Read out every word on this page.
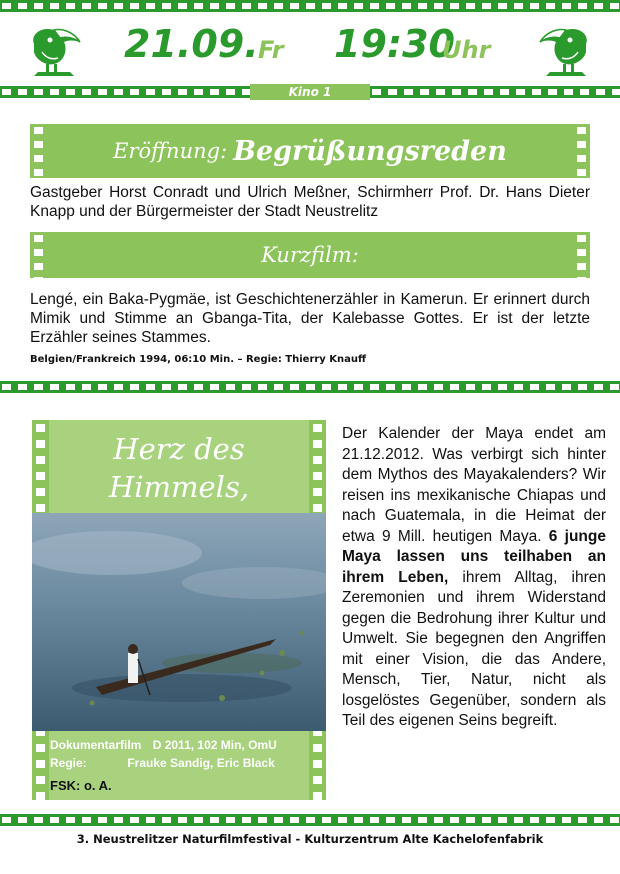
21.09. Fr 19:30
Uhr
Kino 1
Eröffnung: Begrüßungsreden
Gastgeber Horst Conradt und Ulrich Meßner, Schirmherr Prof. Dr. Hans Dieter Knapp und der Bürgermeister der Stadt Neustrelitz
Kurzfilm:
Lengé, ein Baka-Pygmäe, ist Geschichtenerzähler in Kamerun. Er erinnert durch Mimik und Stimme an Gbanga-Tita, der Kalebasse Gottes. Er ist der letzte Erzähler seines Stammes.
Belgien/Frankreich 1994, 06:10 Min. – Regie: Thierry Knauff
Herz des Himmels,
Dokumentarfilm D 2011, 102 Min, OmU
Regie:	Frauke Sandig, Eric Black
FSK: o. A.
Der Kalender der Maya endet am 21.12.2012. Was verbirgt sich hinter dem Mythos des Mayakalenders? Wir reisen ins mexikanische Chiapas und nach Guatemala, in die Heimat der etwa 9 Mill. heutigen Maya. 6 junge Maya lassen uns teilhaben an ihrem Leben, ihrem Alltag, ihren Zeremonien und ihrem Widerstand gegen die Bedrohung ihrer Kultur und Umwelt. Sie begegnen den Angriffen mit einer Vision, die das Andere, Mensch, Tier, Natur, nicht als losgelöstes Gegenüber, sondern als Teil des eigenen Seins begreift.
3. Neustrelitzer Naturfilmfestival - Kulturzentrum Alte Kachelofenfabrik
